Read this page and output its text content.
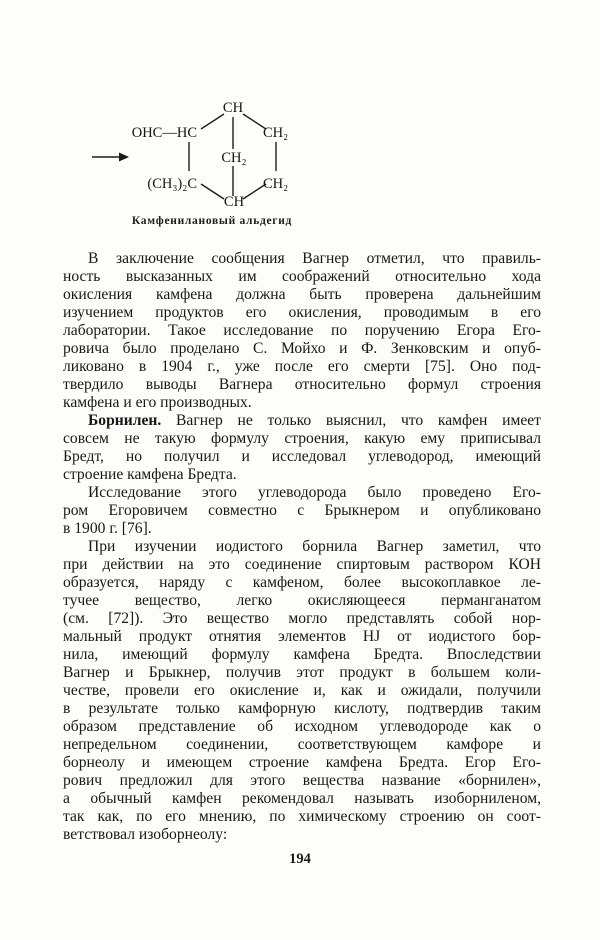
CH
OHC—HC	CH₂
CH₂
(CH₃)₂C	CH₂
CH
Камфенилановый альдегид
В заключение сообщения Вагнер отметил, что правиль-
ность высказанных им соображений относительно хода
окисления камфена должна быть проверена дальнейшим
изучением продуктов его окисления, проводимым в его
лаборатории. Такое исследование по поручению Егора Его-
ровича было проделано С. Мойхо и Ф. Зенковским и опуб-
ликовано в 1904 г., уже после его смерти [75]. Оно под-
твердило выводы Вагнера относительно формул строения
камфена и его производных.
Борнилен. Вагнер не только выяснил, что камфен имеет
совсем не такую формулу строения, какую ему приписывал
Бредт, но получил и исследовал углеводород, имеющий
строение камфена Бредта.
Исследование этого углеводорода было проведено Его-
ром Егоровичем совместно с Брыкнером и опубликовано
в 1900 г. [76].
При изучении иодистого борнила Вагнер заметил, что
при действии на это соединение спиртовым раствором КОН
образуется, наряду с камфеном, более высокоплавкое ле-
тучее вещество, легко окисляющееся перманганатом
(см. [72]). Это вещество могло представлять собой нор-
мальный продукт отнятия элементов HJ от иодистого бор-
нила, имеющий формулу камфена Бредта. Впоследствии
Вагнер и Брыкнер, получив этот продукт в большем коли-
честве, провели его окисление и, как и ожидали, получили
в результате только камфорную кислоту, подтвердив таким
образом представление об исходном углеводороде как о
непредельном соединении, соответствующем камфоре и
борнеолу и имеющем строение камфена Бредта. Егор Его-
рович предложил для этого вещества название «борнилен»,
а обычный камфен рекомендовал называть изоборниленом,
так как, по его мнению, по химическому строению он соот-
ветствовал изоборнеолу:
194
